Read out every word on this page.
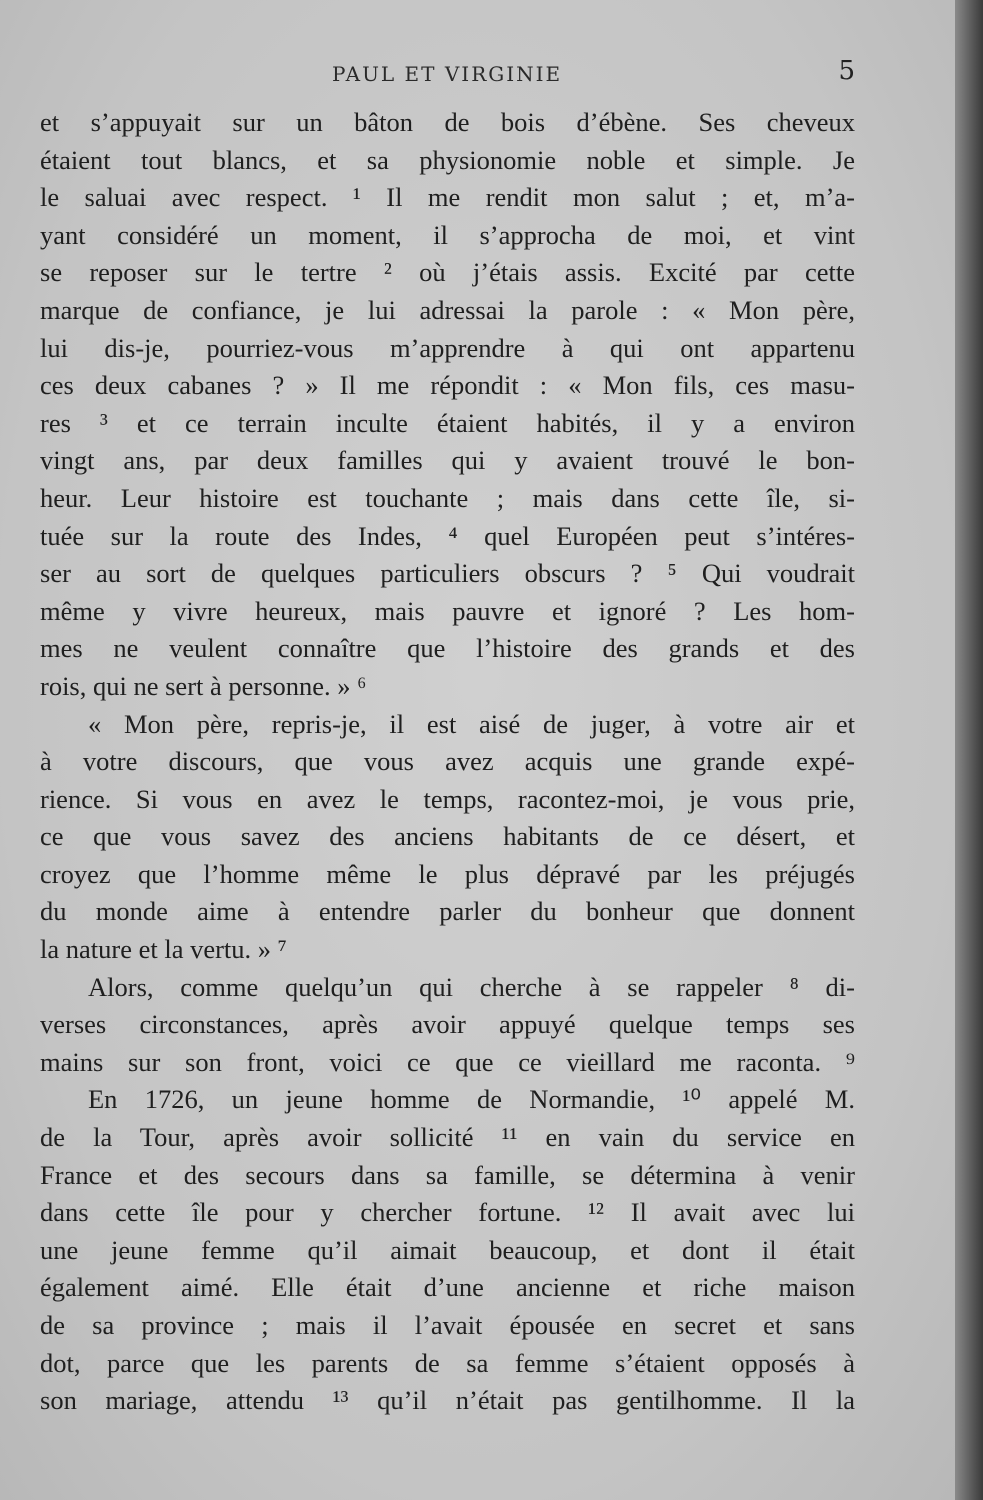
PAUL ET VIRGINIE	5
et s’appuyait sur un bâton de bois d’ébène. Ses cheveux
étaient tout blancs, et sa physionomie noble et simple. Je
le saluai avec respect. ¹ Il me rendit mon salut ; et, m’a-
yant considéré un moment, il s’approcha de moi, et vint
se reposer sur le tertre ² où j’étais assis. Excité par cette
marque de confiance, je lui adressai la parole : « Mon père,
lui dis-je, pourriez-vous m’apprendre à qui ont appartenu
ces deux cabanes ? » Il me répondit : « Mon fils, ces masu-
res ³ et ce terrain inculte étaient habités, il y a environ
vingt ans, par deux familles qui y avaient trouvé le bon-
heur. Leur histoire est touchante ; mais dans cette île, si-
tuée sur la route des Indes, ⁴ quel Européen peut s’intéres-
ser au sort de quelques particuliers obscurs ? ⁵ Qui voudrait
même y vivre heureux, mais pauvre et ignoré ? Les hom-
mes ne veulent connaître que l’histoire des grands et des
rois, qui ne sert à personne. » ⁶
« Mon père, repris-je, il est aisé de juger, à votre air et
à votre discours, que vous avez acquis une grande expé-
rience. Si vous en avez le temps, racontez-moi, je vous prie,
ce que vous savez des anciens habitants de ce désert, et
croyez que l’homme même le plus dépravé par les préjugés
du monde aime à entendre parler du bonheur que donnent
la nature et la vertu. » ⁷
Alors, comme quelqu’un qui cherche à se rappeler ⁸ di-
verses circonstances, après avoir appuyé quelque temps ses
mains sur son front, voici ce que ce vieillard me raconta. ⁹
En 1726, un jeune homme de Normandie, ¹⁰ appelé M.
de la Tour, après avoir sollicité ¹¹ en vain du service en
France et des secours dans sa famille, se détermina à venir
dans cette île pour y chercher fortune. ¹² Il avait avec lui
une jeune femme qu’il aimait beaucoup, et dont il était
également aimé. Elle était d’une ancienne et riche maison
de sa province ; mais il l’avait épousée en secret et sans
dot, parce que les parents de sa femme s’étaient opposés à
son mariage, attendu ¹³ qu’il n’était pas gentilhomme. Il la
